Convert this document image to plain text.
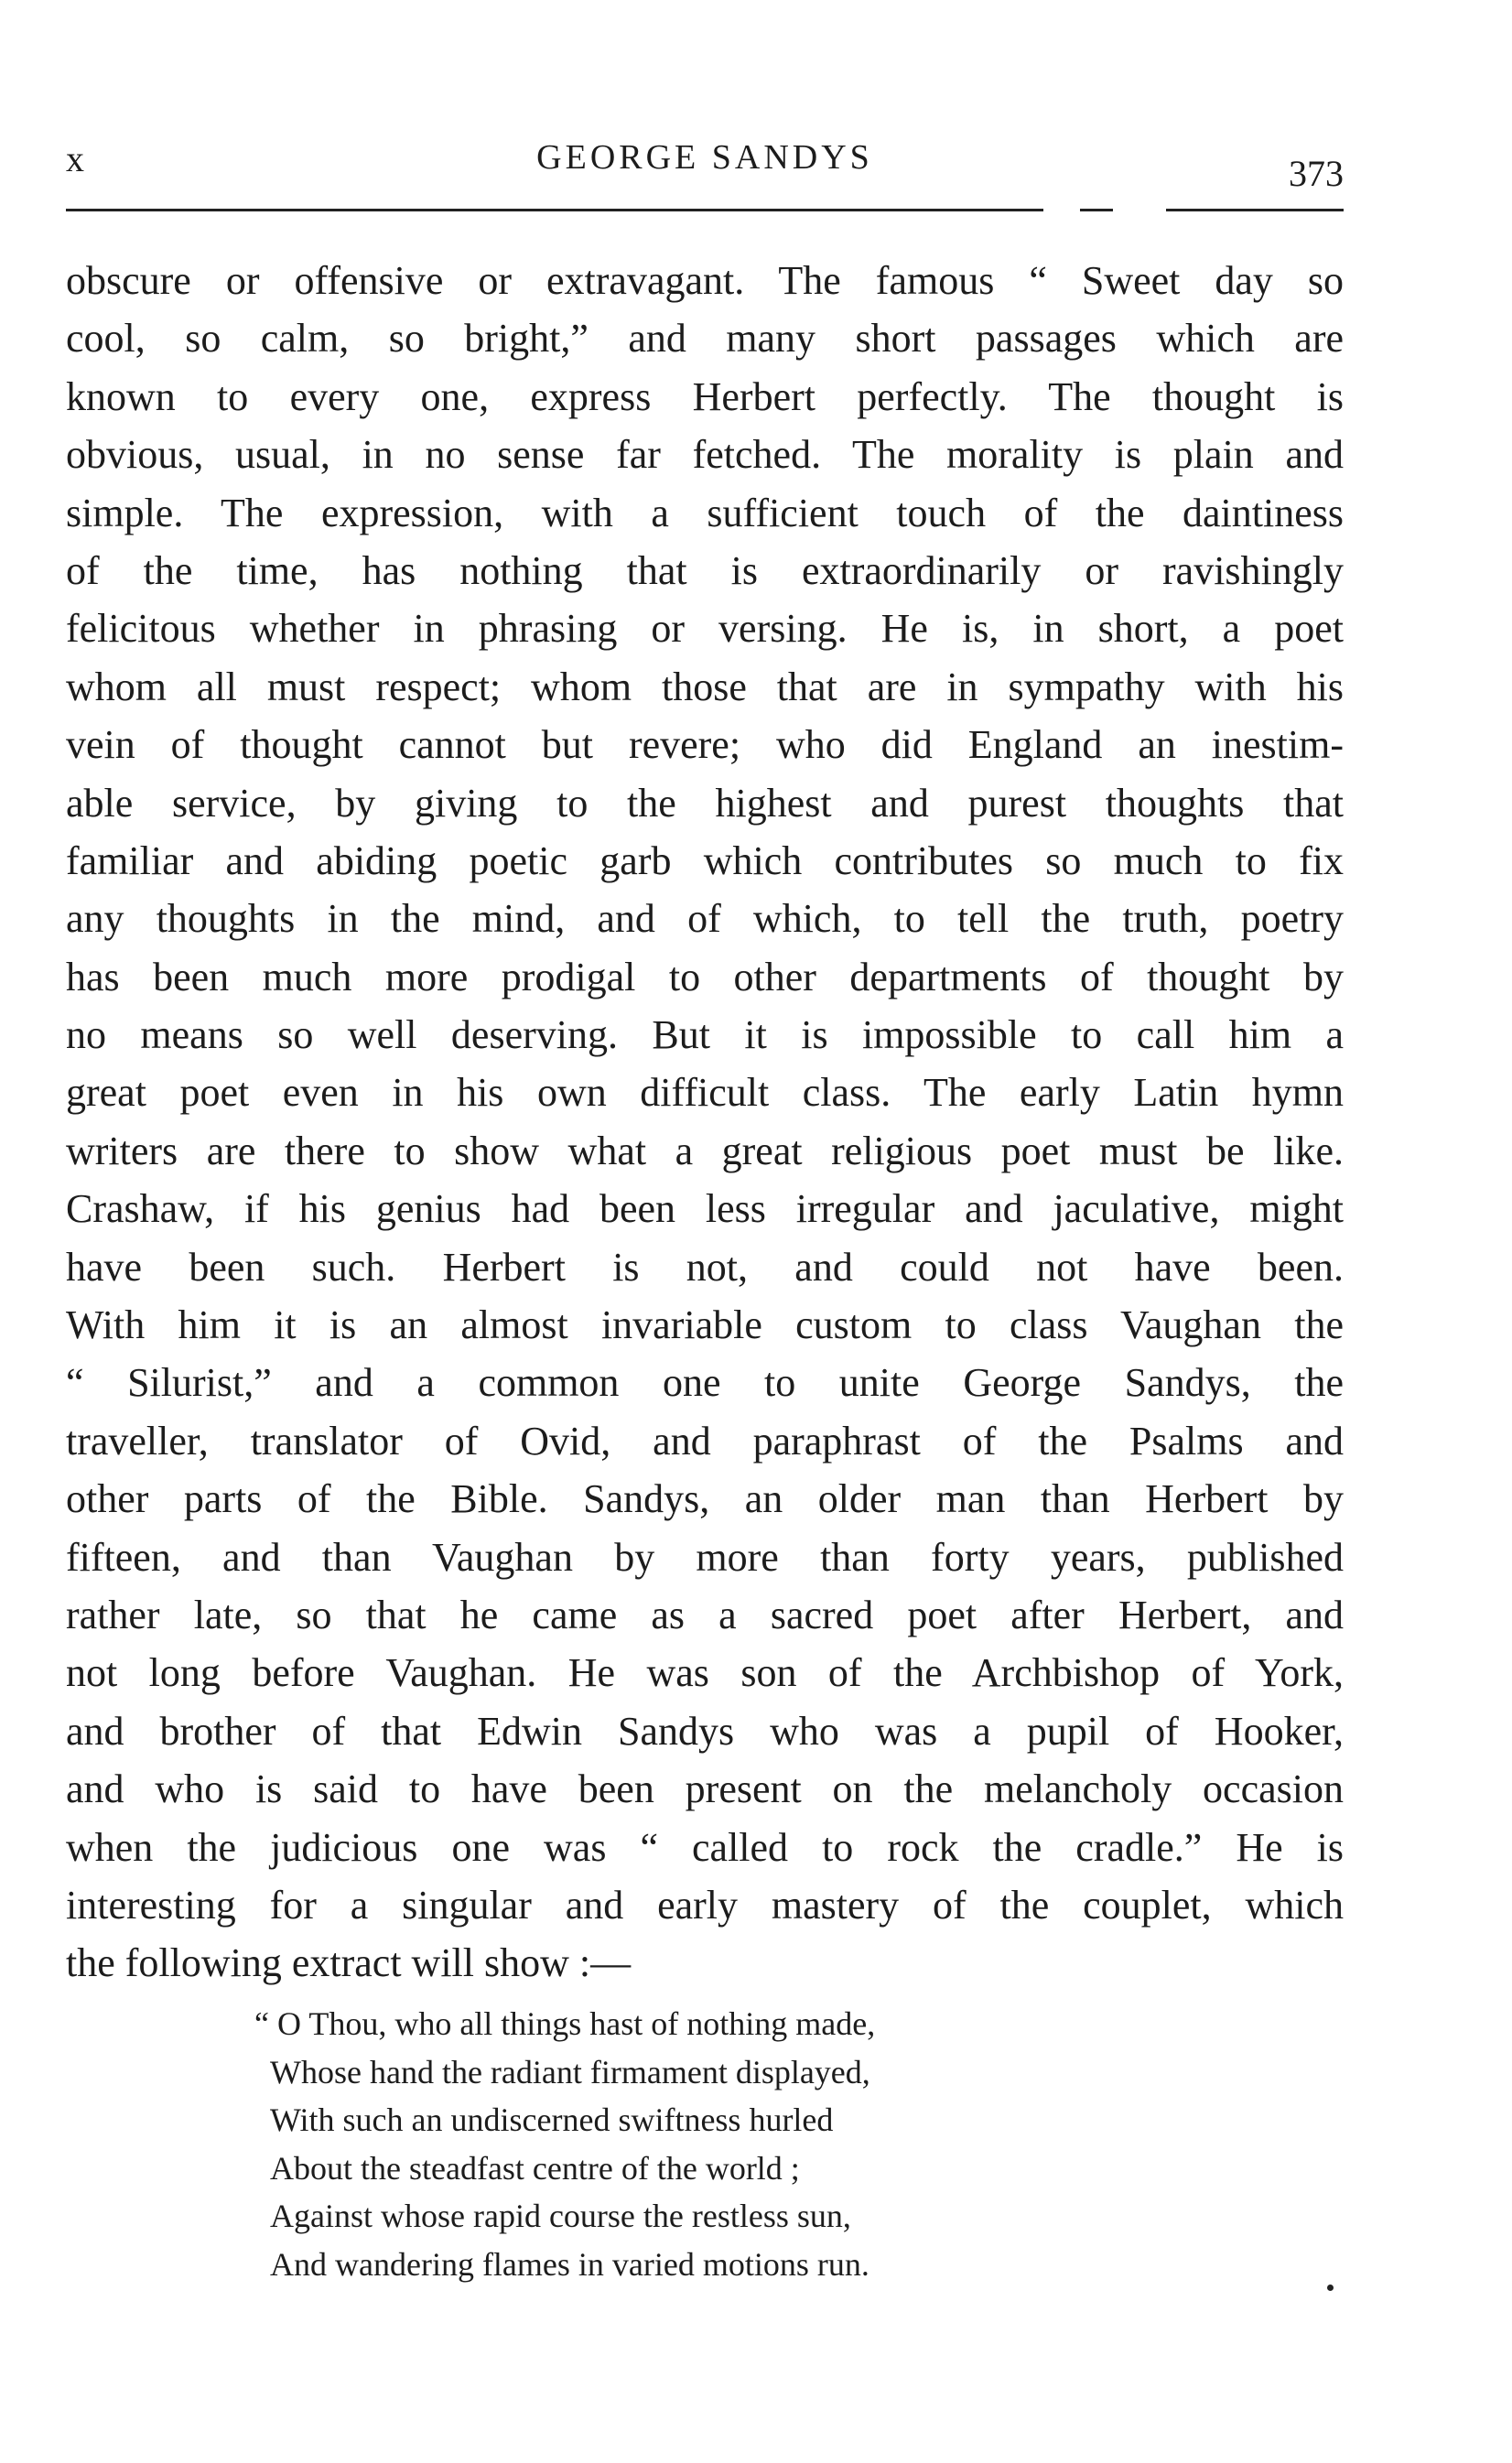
x	GEORGE SANDYS	373
obscure or offensive or extravagant. The famous “ Sweet day so
cool, so calm, so bright,” and many short passages which are
known to every one, express Herbert perfectly. The thought is
obvious, usual, in no sense far fetched. The morality is plain and
simple. The expression, with a sufficient touch of the daintiness
of the time, has nothing that is extraordinarily or ravishingly
felicitous whether in phrasing or versing. He is, in short, a poet
whom all must respect; whom those that are in sympathy with his
vein of thought cannot but revere; who did England an inestim-
able service, by giving to the highest and purest thoughts that
familiar and abiding poetic garb which contributes so much to fix
any thoughts in the mind, and of which, to tell the truth, poetry
has been much more prodigal to other departments of thought by
no means so well deserving. But it is impossible to call him a
great poet even in his own difficult class. The early Latin hymn
writers are there to show what a great religious poet must be like.
Crashaw, if his genius had been less irregular and jaculative, might
have been such. Herbert is not, and could not have been.
With him it is an almost invariable custom to class Vaughan the
“ Silurist,” and a common one to unite George Sandys, the
traveller, translator of Ovid, and paraphrast of the Psalms and
other parts of the Bible. Sandys, an older man than Herbert by
fifteen, and than Vaughan by more than forty years, published
rather late, so that he came as a sacred poet after Herbert, and
not long before Vaughan. He was son of the Archbishop of York,
and brother of that Edwin Sandys who was a pupil of Hooker,
and who is said to have been present on the melancholy occasion
when the judicious one was “ called to rock the cradle.” He is
interesting for a singular and early mastery of the couplet, which
the following extract will show :—
“ O Thou, who all things hast of nothing made,
Whose hand the radiant firmament displayed,
With such an undiscerned swiftness hurled
About the steadfast centre of the world ;
Against whose rapid course the restless sun,
And wandering flames in varied motions run.
